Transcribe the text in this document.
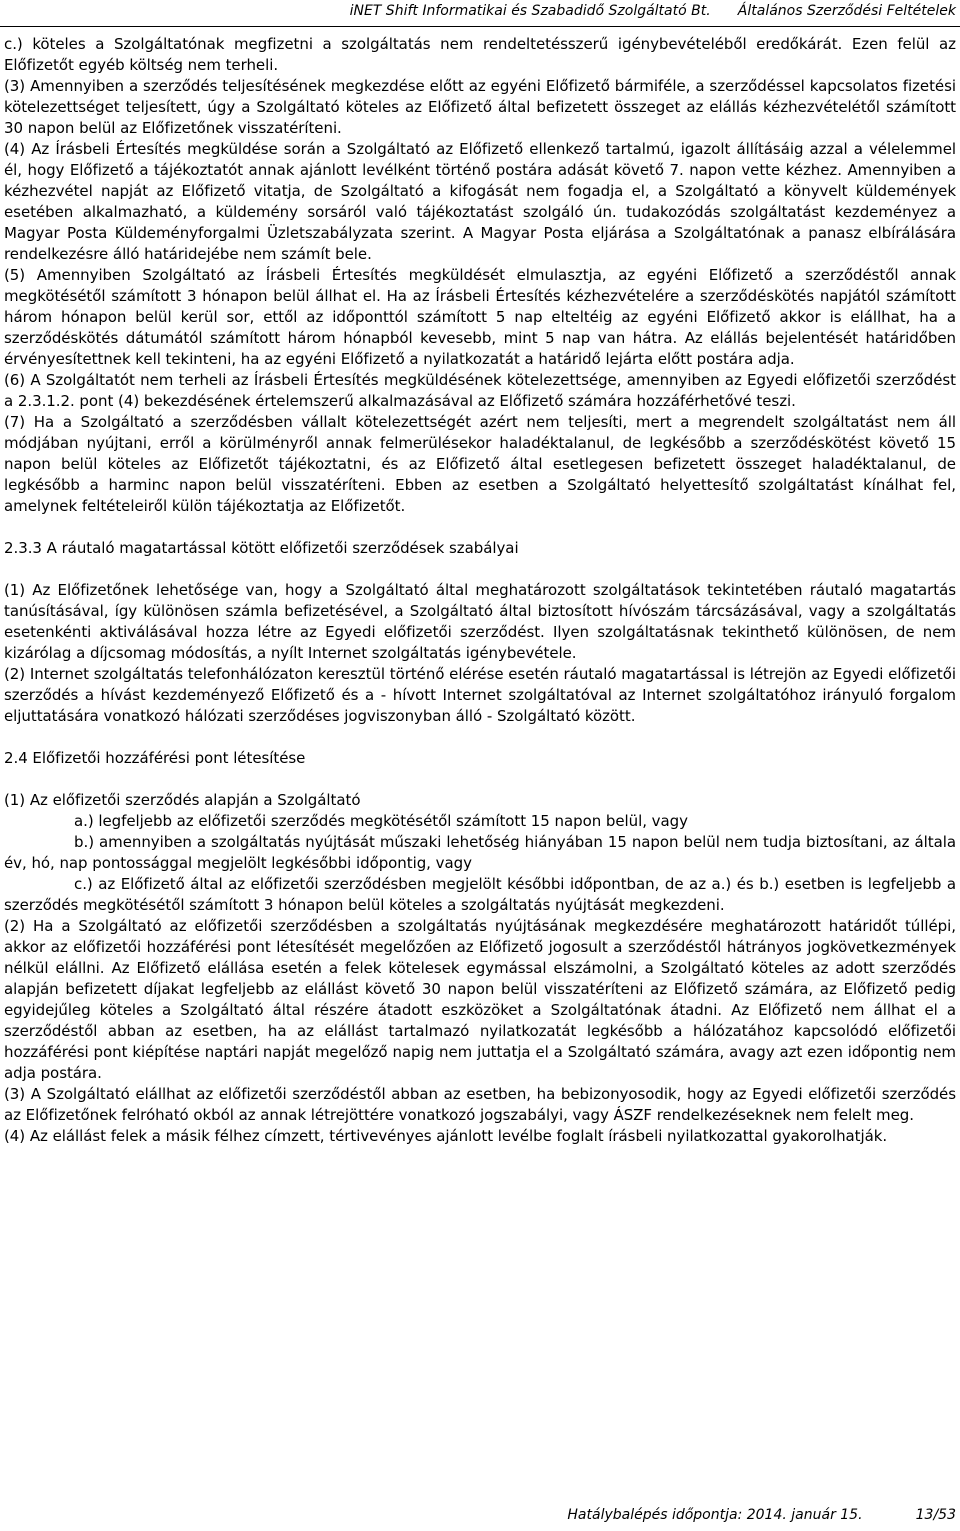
iNET Shift Informatikai és Szabadidő Szolgáltató Bt. Általános Szerződési Feltételek

c.) köteles a Szolgáltatónak megfizetni a szolgáltatás nem rendeltetésszerű igénybevételéből eredőkárát. Ezen felül az Előfizetőt egyéb költség nem terheli.

(3) Amennyiben a szerződés teljesítésének megkezdése előtt az egyéni Előfizető bármiféle, a szerződéssel kapcsolatos fizetési kötelezettséget teljesített, úgy a Szolgáltató köteles az Előfizető által befizetett összeget az elállás kézhezvételétől számított 30 napon belül az Előfizetőnek visszatéríteni.

(4) Az Írásbeli Értesítés megküldése során a Szolgáltató az Előfizető ellenkező tartalmú, igazolt állításáig azzal a vélelemmel él, hogy Előfizető a tájékoztatót annak ajánlott levélként történő postára adását követő 7. napon vette kézhez. Amennyiben a kézhezvétel napját az Előfizető vitatja, de Szolgáltató a kifogását nem fogadja el, a Szolgáltató a könyvelt küldemények esetében alkalmazható, a küldemény sorsáról való tájékoztatást szolgáló ún. tudakozódás szolgáltatást kezdeményez a Magyar Posta Küldeményforgalmi Üzletszabályzata szerint. A Magyar Posta eljárása a Szolgáltatónak a panasz elbírálására rendelkezésre álló határidejébe nem számít bele.

(5) Amennyiben Szolgáltató az Írásbeli Értesítés megküldését elmulasztja, az egyéni Előfizető a szerződéstől annak megkötésétől számított 3 hónapon belül állhat el. Ha az Írásbeli Értesítés kézhezvételére a szerződéskötés napjától számított három hónapon belül kerül sor, ettől az időponttól számított 5 nap elteltéig az egyéni Előfizető akkor is elállhat, ha a szerződéskötés dátumától számított három hónapból kevesebb, mint 5 nap van hátra. Az elállás bejelentését határidőben érvényesítettnek kell tekinteni, ha az egyéni Előfizető a nyilatkozatát a határidő lejárta előtt postára adja.

(6) A Szolgáltatót nem terheli az Írásbeli Értesítés megküldésének kötelezettsége, amennyiben az Egyedi előfizetői szerződést a 2.3.1.2. pont (4) bekezdésének értelemszerű alkalmazásával az Előfizető számára hozzáférhetővé teszi.

(7) Ha a Szolgáltató a szerződésben vállalt kötelezettségét azért nem teljesíti, mert a megrendelt szolgáltatást nem áll módjában nyújtani, erről a körülményről annak felmerülésekor haladéktalanul, de legkésőbb a szerződéskötést követő 15 napon belül köteles az Előfizetőt tájékoztatni, és az Előfizető által esetlegesen befizetett összeget haladéktalanul, de legkésőbb a harminc napon belül visszatéríteni. Ebben az esetben a Szolgáltató helyettesítő szolgáltatást kínálhat fel, amelynek feltételeiről külön tájékoztatja az Előfizetőt.

2.3.3 A ráutaló magatartással kötött előfizetői szerződések szabályai

(1) Az Előfizetőnek lehetősége van, hogy a Szolgáltató által meghatározott szolgáltatások tekintetében ráutaló magatartás tanúsításával, így különösen számla befizetésével, a Szolgáltató által biztosított hívószám tárcsázásával, vagy a szolgáltatás esetenkénti aktiválásával hozza létre az Egyedi előfizetői szerződést. Ilyen szolgáltatásnak tekinthető különösen, de nem kizárólag a díjcsomag módosítás, a nyílt Internet szolgáltatás igénybevétele.

(2) Internet szolgáltatás telefonhálózaton keresztül történő elérése esetén ráutaló magatartással is létrejön az Egyedi előfizetői szerződés a hívást kezdeményező Előfizető és a - hívott Internet szolgáltatóval az Internet szolgáltatóhoz irányuló forgalom eljuttatására vonatkozó hálózati szerződéses jogviszonyban álló - Szolgáltató között.

2.4 Előfizetői hozzáférési pont létesítése

(1) Az előfizetői szerződés alapján a Szolgáltató

a.) legfeljebb az előfizetői szerződés megkötésétől számított 15 napon belül, vagy

b.) amennyiben a szolgáltatás nyújtását műszaki lehetőség hiányában 15 napon belül nem tudja biztosítani, az általa év, hó, nap pontossággal megjelölt legkésőbbi időpontig, vagy

c.) az Előfizető által az előfizetői szerződésben megjelölt későbbi időpontban, de az a.) és b.) esetben is legfeljebb a szerződés megkötésétől számított 3 hónapon belül köteles a szolgáltatás nyújtását megkezdeni.

(2) Ha a Szolgáltató az előfizetői szerződésben a szolgáltatás nyújtásának megkezdésére meghatározott határidőt túllépi, akkor az előfizetői hozzáférési pont létesítését megelőzően az Előfizető jogosult a szerződéstől hátrányos jogkövetkezmények nélkül elállni. Az Előfizető elállása esetén a felek kötelesek egymással elszámolni, a Szolgáltató köteles az adott szerződés alapján befizetett díjakat legfeljebb az elállást követő 30 napon belül visszatéríteni az Előfizető számára, az Előfizető pedig egyidejűleg köteles a Szolgáltató által részére átadott eszközöket a Szolgáltatónak átadni. Az Előfizető nem állhat el a szerződéstől abban az esetben, ha az elállást tartalmazó nyilatkozatát legkésőbb a hálózatához kapcsolódó előfizetői hozzáférési pont kiépítése naptári napját megelőző napig nem juttatja el a Szolgáltató számára, avagy azt ezen időpontig nem adja postára.

(3) A Szolgáltató elállhat az előfizetői szerződéstől abban az esetben, ha bebizonyosodik, hogy az Egyedi előfizetői szerződés az Előfizetőnek felróható okból az annak létrejöttére vonatkozó jogszabályi, vagy ÁSZF rendelkezéseknek nem felelt meg.

(4) Az elállást felek a másik félhez címzett, tértivevényes ajánlott levélbe foglalt írásbeli nyilatkozattal gyakorolhatják.

Hatálybalépés időpontja: 2014. január 15.	13/53
